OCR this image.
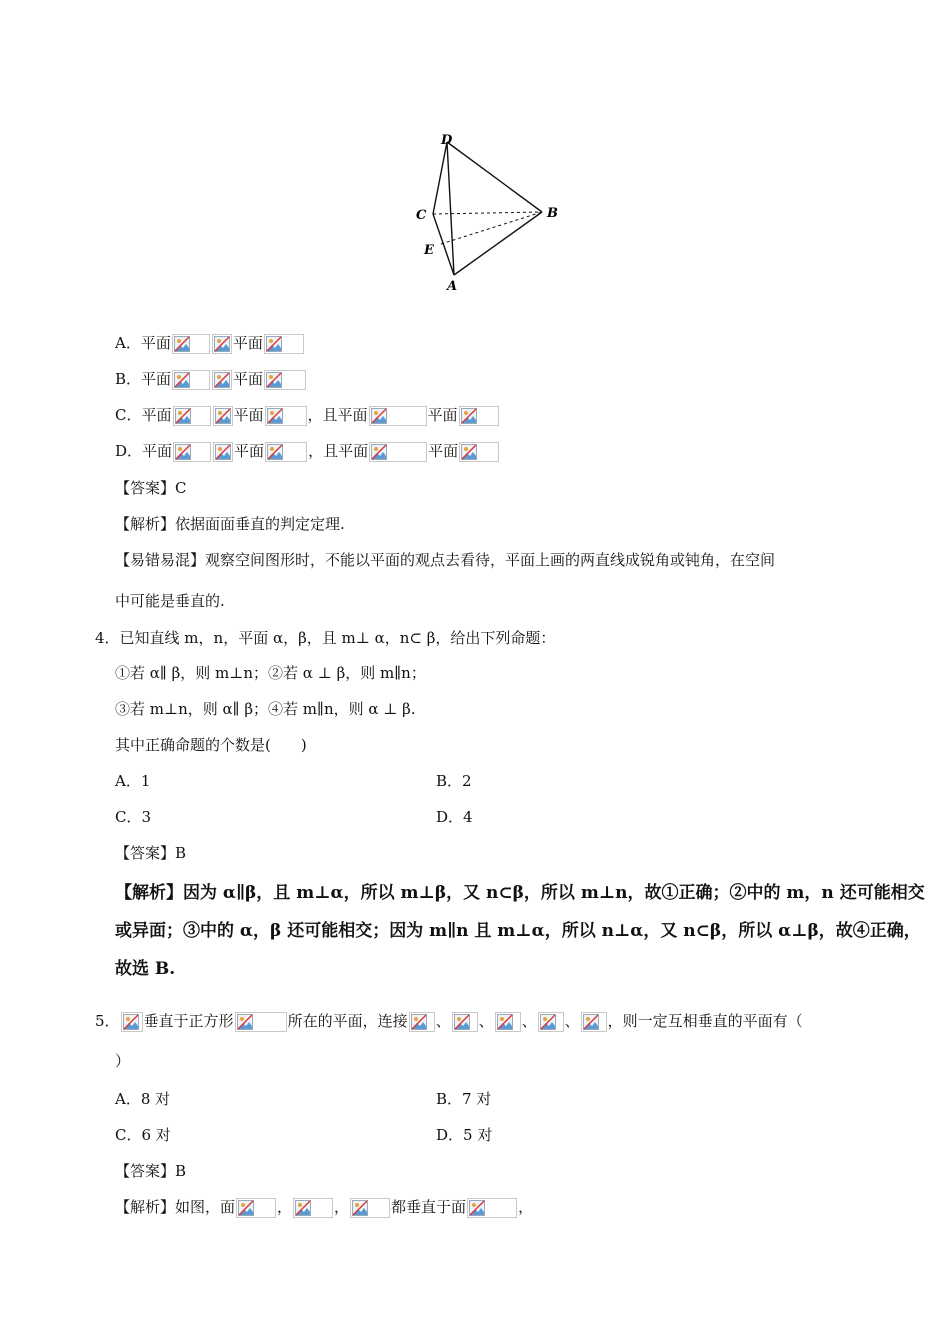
D
C	B
E
A
A．平面	平面
B．平面	平面
C．平面	平面	，且平面	平面
D．平面	平面	，且平面	平面
【答案】C
【解析】依据面面垂直的判定定理.
【易错易混】观察空间图形时，不能以平面的观点去看待，平面上画的两直线成锐角或钝角，在空间
中可能是垂直的.
4．已知直线 m，n，平面 α，β，且 m⊥ α，n⊂ β，给出下列命题：
①若 α∥ β，则 m⊥n；②若 α ⊥ β，则 m∥n；
③若 m⊥n，则 α∥ β；④若 m∥n，则 α ⊥ β.
其中正确命题的个数是(　　)
A．1	B．2
C．3	D．4
【答案】B
【解析】因为 α∥β，且 m⊥α，所以 m⊥β，又 n⊂β，所以 m⊥n，故①正确；②中的 m，n 还可能相交
或异面；③中的 α，β 还可能相交；因为 m∥n 且 m⊥α，所以 n⊥α，又 n⊂β，所以 α⊥β，故④正确，
故选 B.
5． 垂直于正方形	所在的平面，连接 、 、 、 、 ，则一定互相垂直的平面有（
）
A．8 对	B．7 对
C．6 对	D．5 对
【答案】B
【解析】如图，面	，	，	都垂直于面	，
